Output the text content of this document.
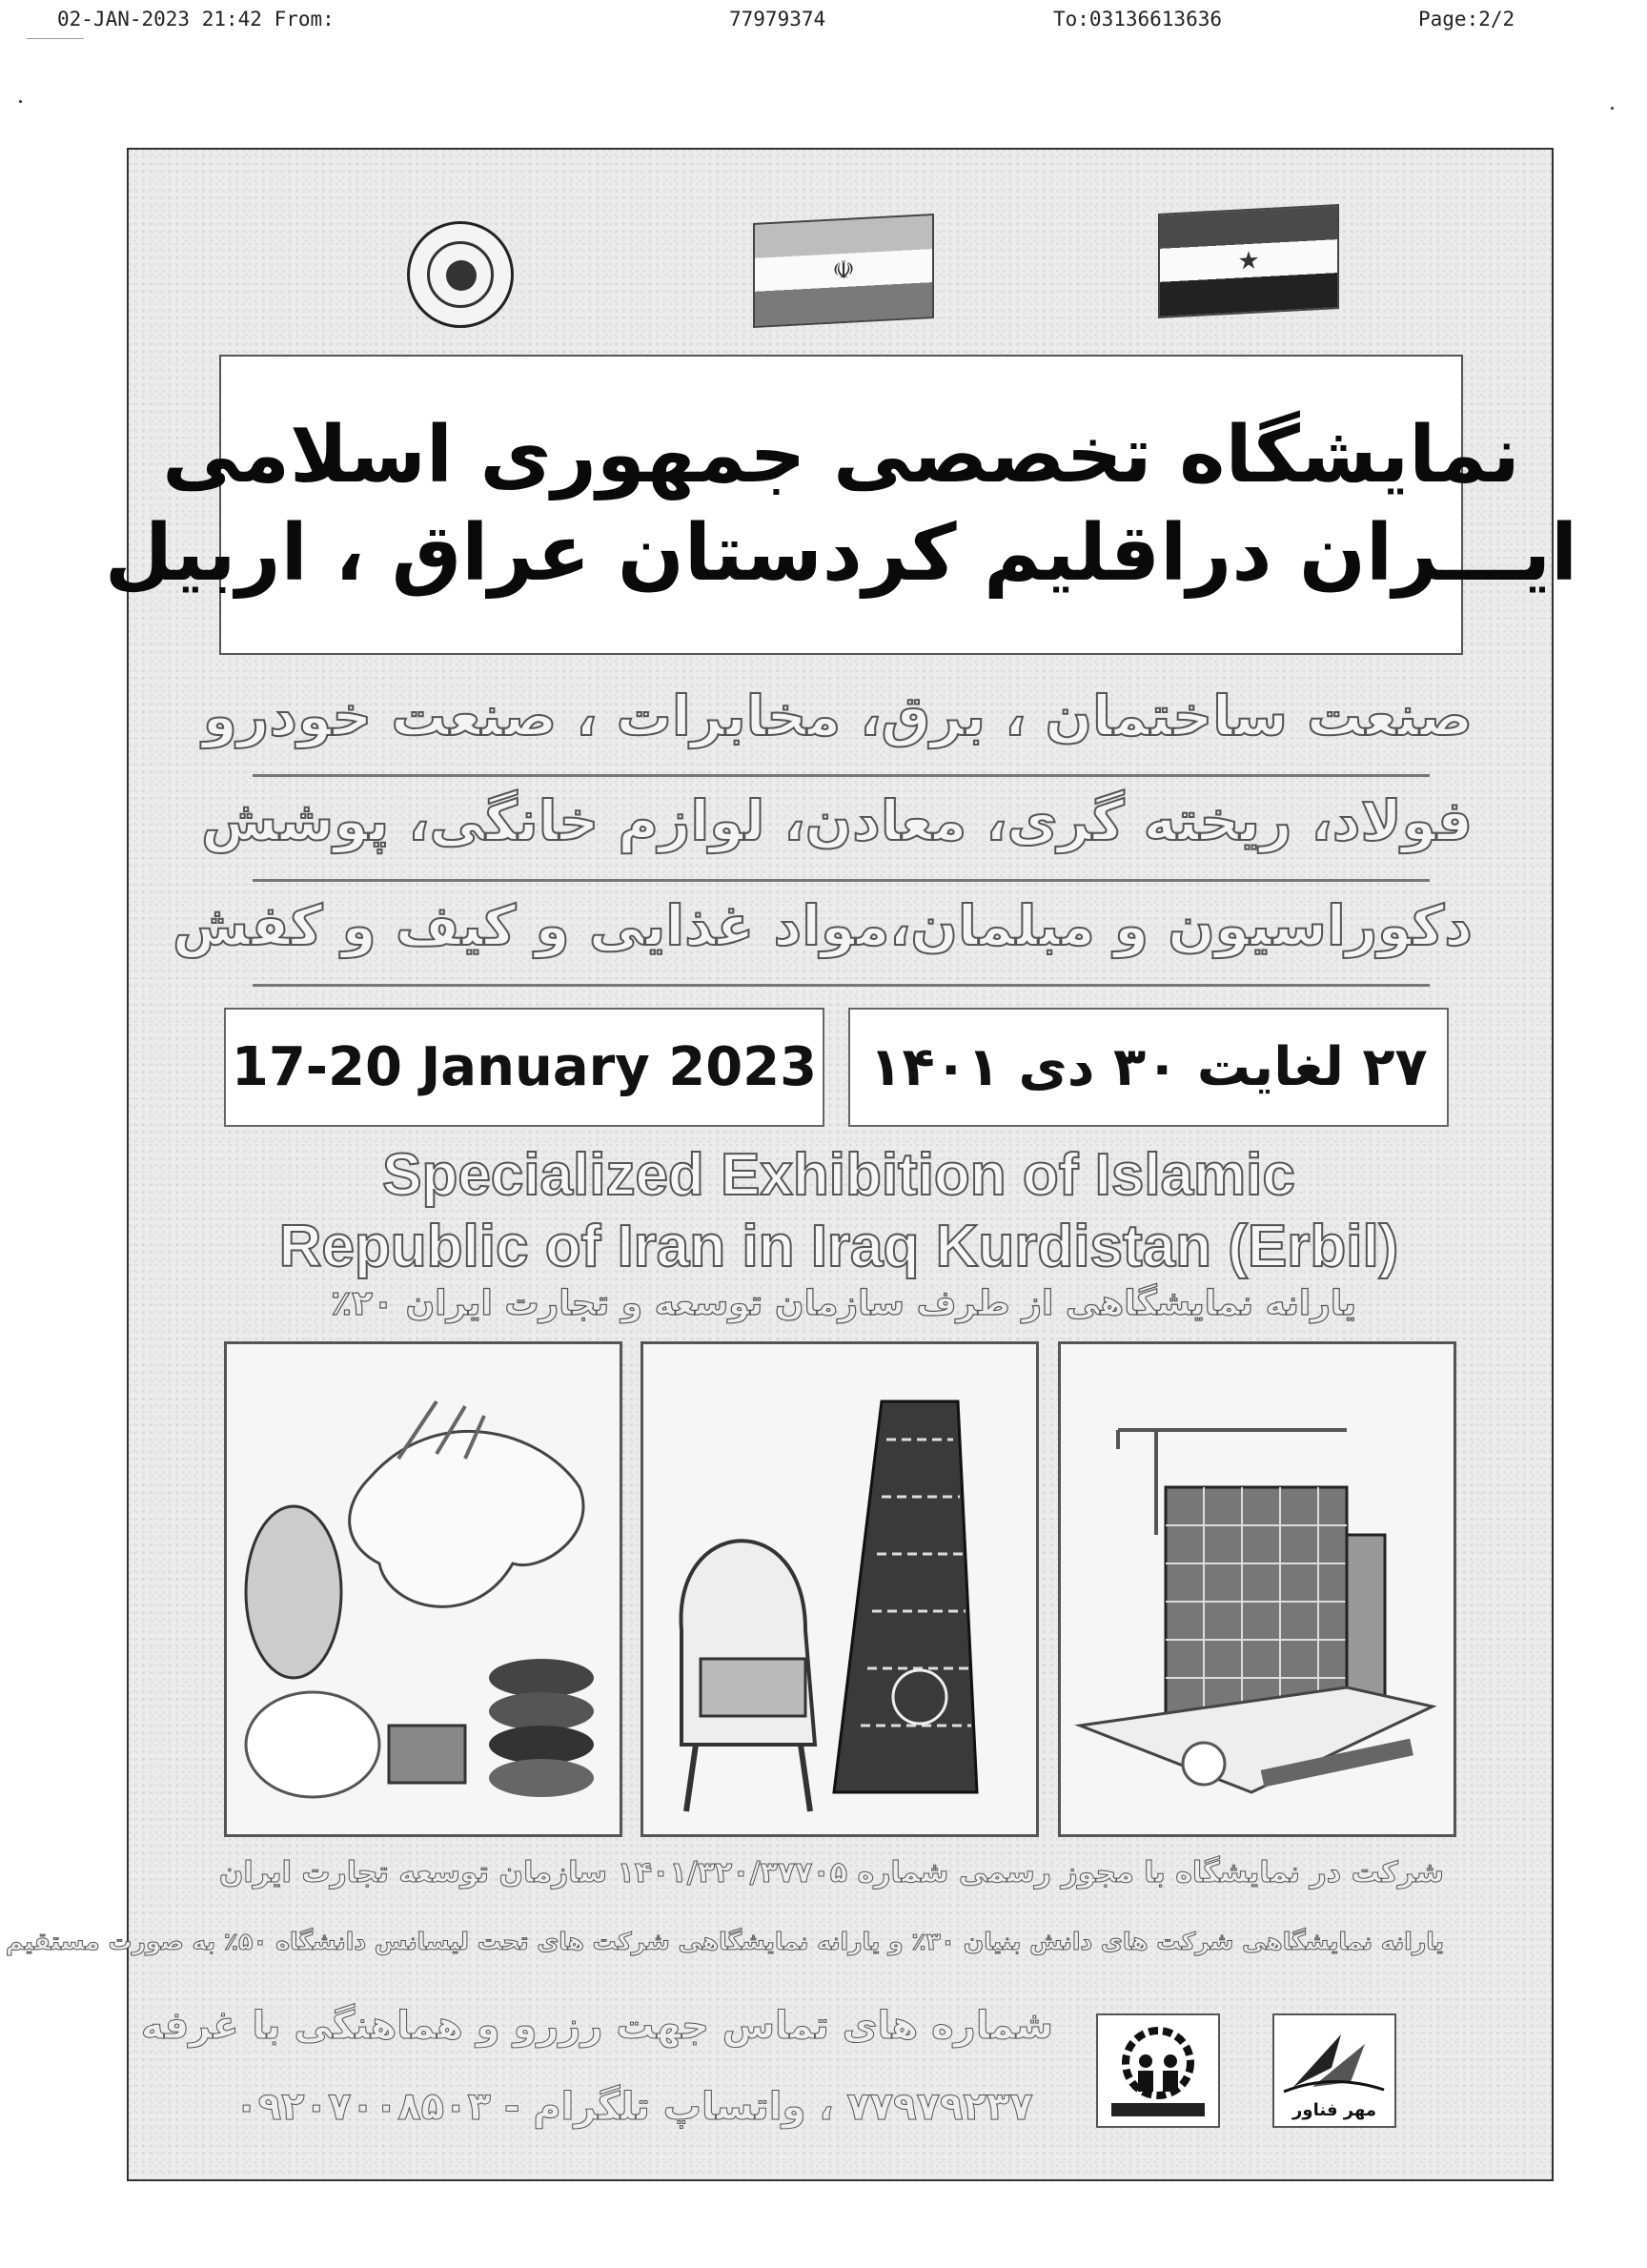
02-JAN-2023 21:42 From:	77979374	To:03136613636	Page:2/2
☫	★
نمایشگاه تخصصی جمهوری اسلامی
ایـــران دراقلیم کردستان عراق ، اربیل
صنعت ساختمان ، برق، مخابرات ، صنعت خودرو
فولاد، ریخته گری، معادن، لوازم خانگی، پوشش
دکوراسیون و مبلمان،مواد غذایی و کیف و کفش
17-20 January 2023 ۲۷ لغایت ۳۰ دی ۱۴۰۱
Specialized Exhibition of Islamic
Republic of Iran in Iraq Kurdistan (Erbil)
یارانه نمایشگاهی از طرف سازمان توسعه و تجارت ایران ۲۰٪
شرکت در نمایشگاه با مجوز رسمی شماره ۱۴۰۱/۳۲۰/۳۷۷۰۵ سازمان توسعه تجارت ایران
یارانه نمایشگاهی شرکت های دانش بنیان ۳۰٪ و یارانه نمایشگاهی شرکت های تحت لیسانس دانشگاه ۵۰٪ به صورت مستقیم
شماره های تماس جهت رزرو و هماهنگی با غرفه
۷۷۹۷۹۲۳۷ ، واتساپ تلگرام - ۰۹۲۰۷۰۰۸۵۰۳	مهر فناور
